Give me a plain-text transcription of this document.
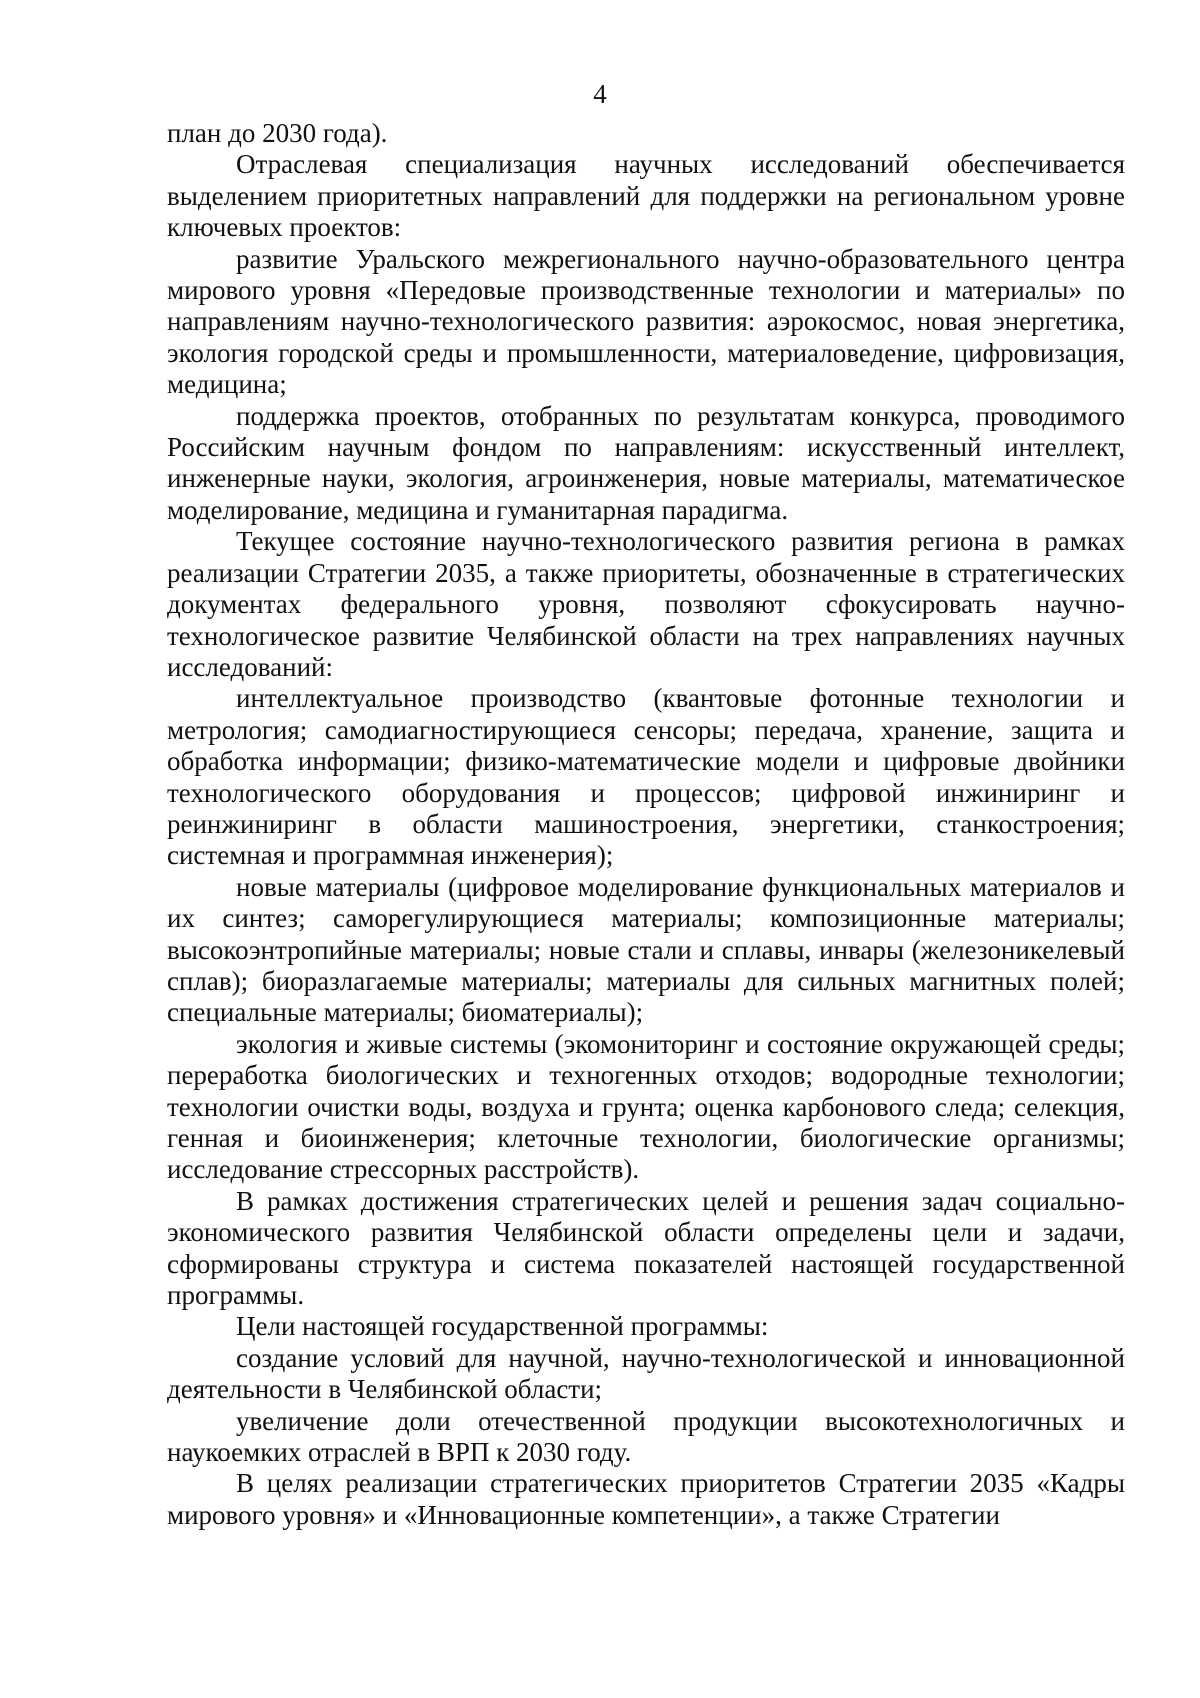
4

план до 2030 года).

Отраслевая специализация научных исследований обеспечивается выделением приоритетных направлений для поддержки на региональном уровне ключевых проектов:

развитие Уральского межрегионального научно-образовательного центра мирового уровня «Передовые производственные технологии и материалы» по направлениям научно-технологического развития: аэрокосмос, новая энергетика, экология городской среды и промышленности, материаловедение, цифровизация, медицина;

поддержка проектов, отобранных по результатам конкурса, проводимого Российским научным фондом по направлениям: искусственный интеллект, инженерные науки, экология, агроинженерия, новые материалы, математическое моделирование, медицина и гуманитарная парадигма.

Текущее состояние научно-технологического развития региона в рамках реализации Стратегии 2035, а также приоритеты, обозначенные в стратегических документах федерального уровня, позволяют сфокусировать научно-технологическое развитие Челябинской области на трех направлениях научных исследований:

интеллектуальное производство (квантовые фотонные технологии и метрология; самодиагностирующиеся сенсоры; передача, хранение, защита и обработка информации; физико-математические модели и цифровые двойники технологического оборудования и процессов; цифровой инжиниринг и реинжиниринг в области машиностроения, энергетики, станкостроения; системная и программная инженерия);

новые материалы (цифровое моделирование функциональных материалов и их синтез; саморегулирующиеся материалы; композиционные материалы; высокоэнтропийные материалы; новые стали и сплавы, инвары (железоникелевый сплав); биоразлагаемые материалы; материалы для сильных магнитных полей; специальные материалы; биоматериалы);

экология и живые системы (экомониторинг и состояние окружающей среды; переработка биологических и техногенных отходов; водородные технологии; технологии очистки воды, воздуха и грунта; оценка карбонового следа; селекция, генная и биоинженерия; клеточные технологии, биологические организмы; исследование стрессорных расстройств).

В рамках достижения стратегических целей и решения задач социально-экономического развития Челябинской области определены цели и задачи, сформированы структура и система показателей настоящей государственной программы.

Цели настоящей государственной программы:

создание условий для научной, научно-технологической и инновационной деятельности в Челябинской области;

увеличение доли отечественной продукции высокотехнологичных и наукоемких отраслей в ВРП к 2030 году.

В целях реализации стратегических приоритетов Стратегии 2035 «Кадры мирового уровня» и «Инновационные компетенции», а также Стратегии
